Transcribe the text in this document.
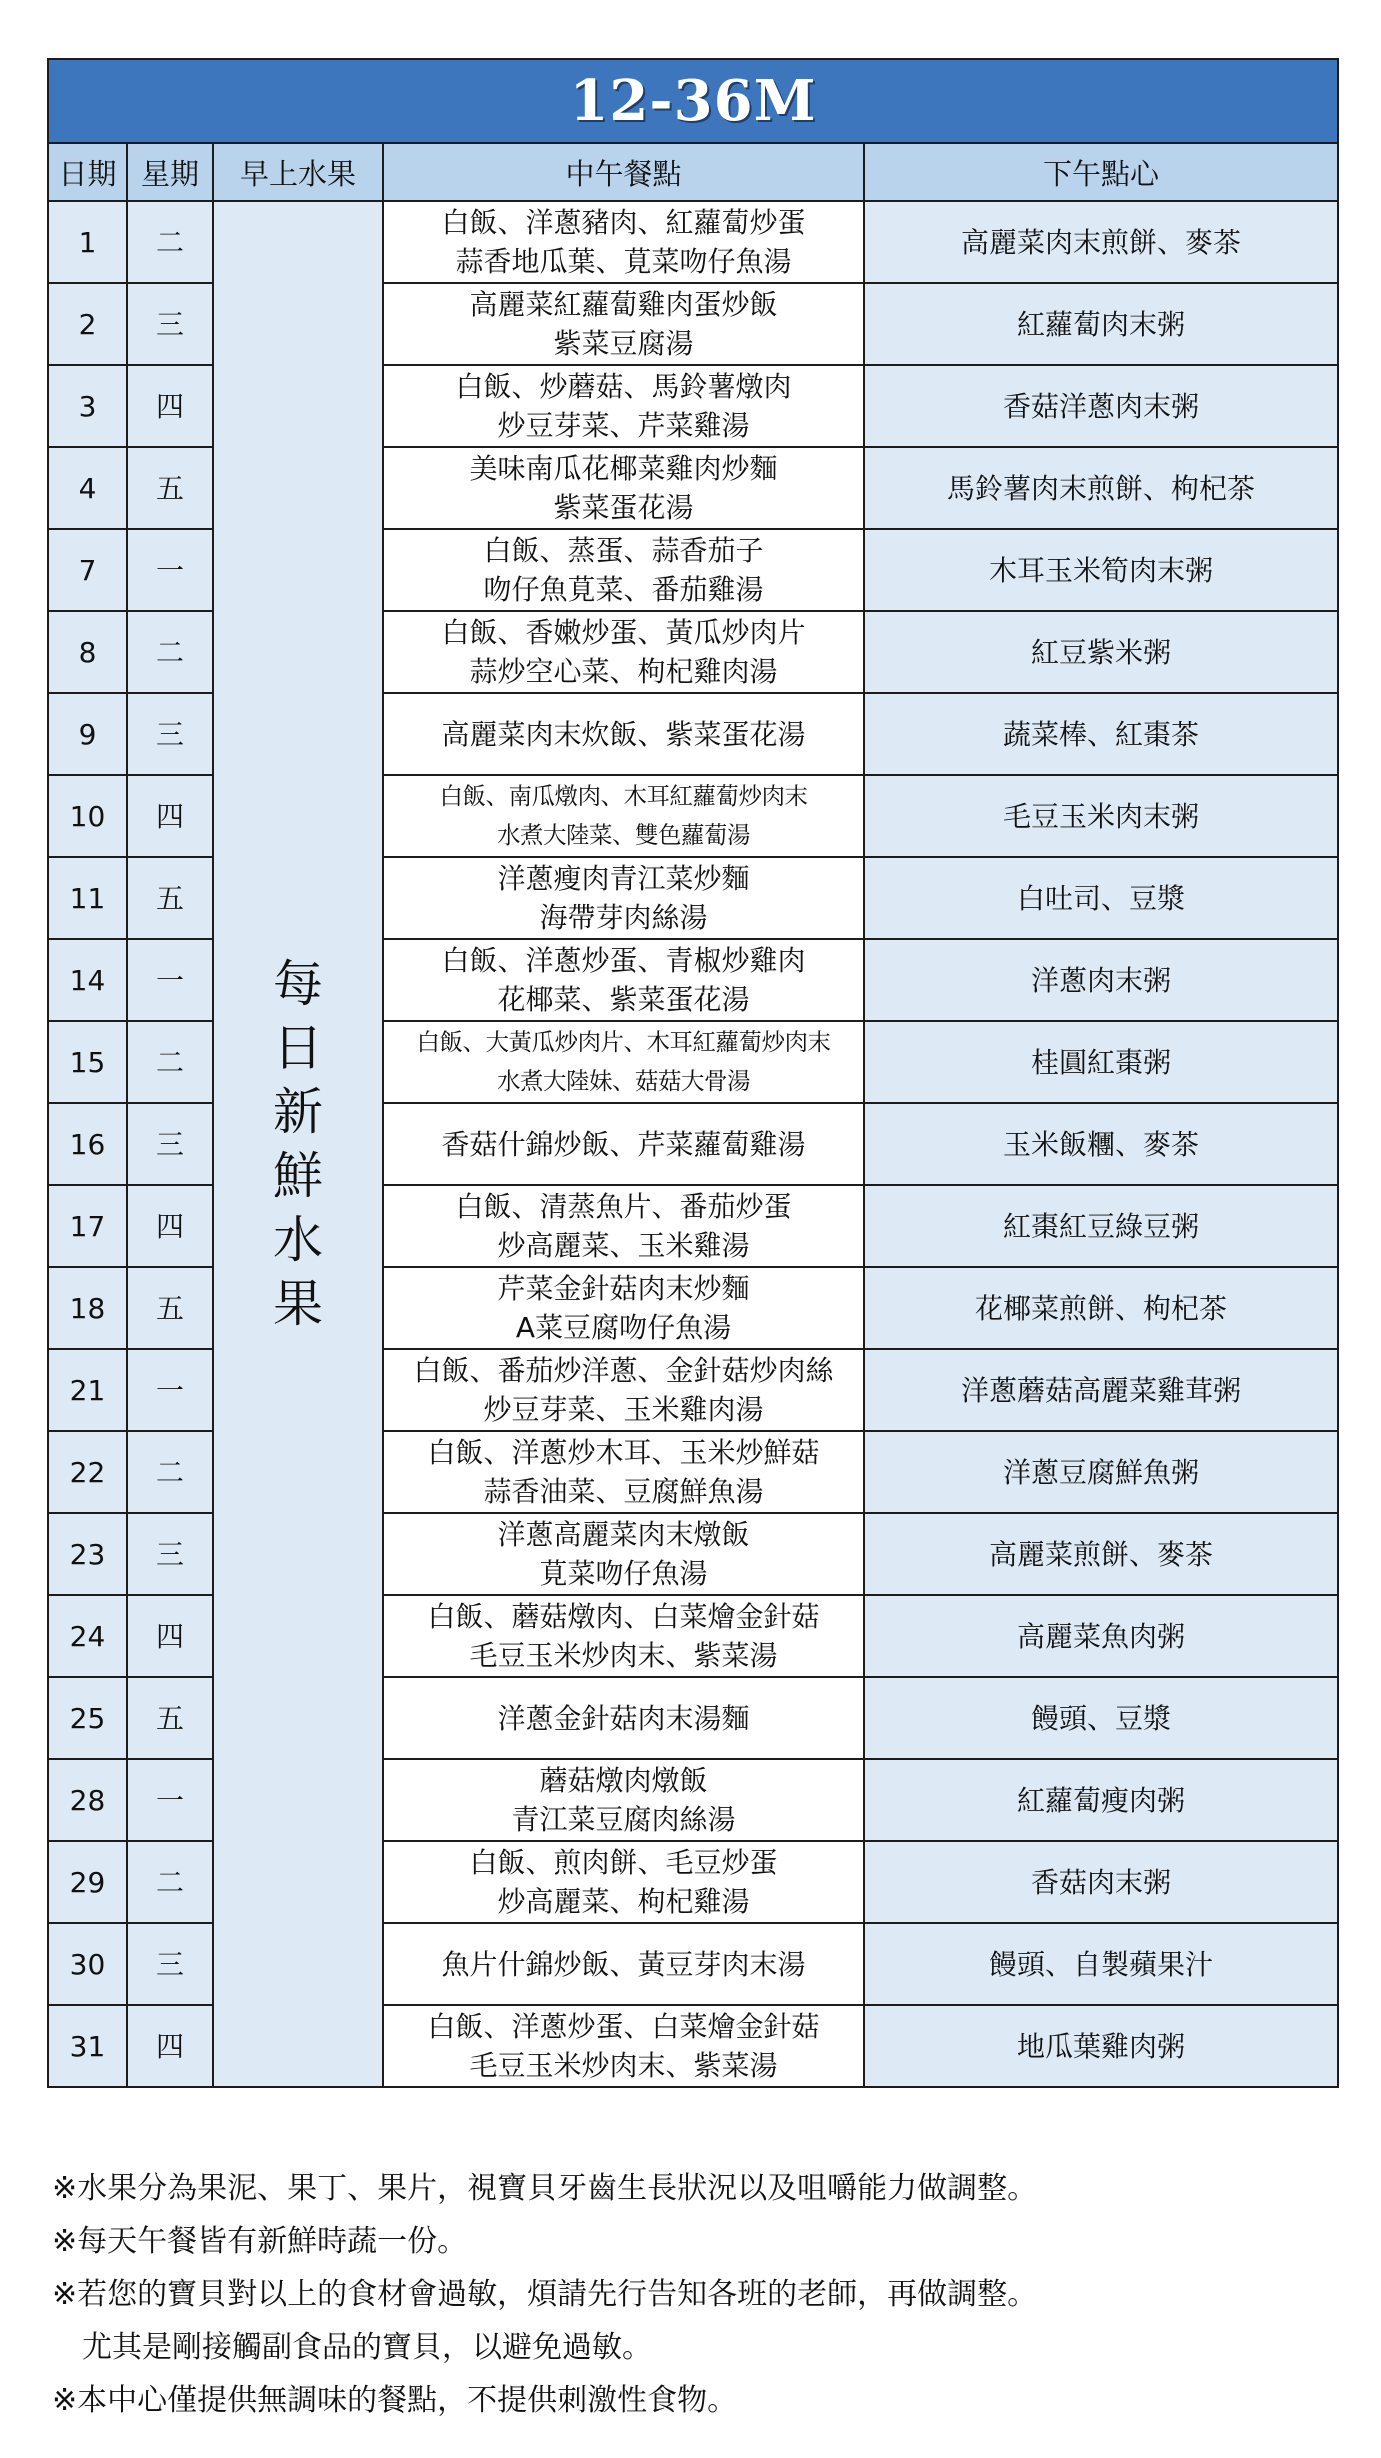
12-36M				
日期	星期	早上水果	中午餐點	下午點心
1	二	每日新鮮水果	白飯、洋蔥豬肉、紅蘿蔔炒蛋
蒜香地瓜葉、莧菜吻仔魚湯	高麗菜肉末煎餅、麥茶
2	三		高麗菜紅蘿蔔雞肉蛋炒飯
紫菜豆腐湯	紅蘿蔔肉末粥
3	四		白飯、炒蘑菇、馬鈴薯燉肉
炒豆芽菜、芹菜雞湯	香菇洋蔥肉末粥
4	五		美味南瓜花椰菜雞肉炒麵
紫菜蛋花湯	馬鈴薯肉末煎餅、枸杞茶
7	一		白飯、蒸蛋、蒜香茄子
吻仔魚莧菜、番茄雞湯	木耳玉米筍肉末粥
8	二		白飯、香嫩炒蛋、黃瓜炒肉片
蒜炒空心菜、枸杞雞肉湯	紅豆紫米粥
9	三		高麗菜肉末炊飯、紫菜蛋花湯	蔬菜棒、紅棗茶
10	四		白飯、南瓜燉肉、木耳紅蘿蔔炒肉末
水煮大陸菜、雙色蘿蔔湯	毛豆玉米肉末粥
11	五		洋蔥瘦肉青江菜炒麵
海帶芽肉絲湯	白吐司、豆漿
14	一		白飯、洋蔥炒蛋、青椒炒雞肉
花椰菜、紫菜蛋花湯	洋蔥肉末粥
15	二		白飯、大黃瓜炒肉片、木耳紅蘿蔔炒肉末
水煮大陸妹、菇菇大骨湯	桂圓紅棗粥
16	三		香菇什錦炒飯、芹菜蘿蔔雞湯	玉米飯糰、麥茶
17	四		白飯、清蒸魚片、番茄炒蛋
炒高麗菜、玉米雞湯	紅棗紅豆綠豆粥
18	五		芹菜金針菇肉末炒麵
A菜豆腐吻仔魚湯	花椰菜煎餅、枸杞茶
21	一		白飯、番茄炒洋蔥、金針菇炒肉絲
炒豆芽菜、玉米雞肉湯	洋蔥蘑菇高麗菜雞茸粥
22	二		白飯、洋蔥炒木耳、玉米炒鮮菇
蒜香油菜、豆腐鮮魚湯	洋蔥豆腐鮮魚粥
23	三		洋蔥高麗菜肉末燉飯
莧菜吻仔魚湯	高麗菜煎餅、麥茶
24	四		白飯、蘑菇燉肉、白菜燴金針菇
毛豆玉米炒肉末、紫菜湯	高麗菜魚肉粥
25	五		洋蔥金針菇肉末湯麵	饅頭、豆漿
28	一		蘑菇燉肉燉飯
青江菜豆腐肉絲湯	紅蘿蔔瘦肉粥
29	二		白飯、煎肉餅、毛豆炒蛋
炒高麗菜、枸杞雞湯	香菇肉末粥
30	三		魚片什錦炒飯、黃豆芽肉末湯	饅頭、自製蘋果汁
31	四		白飯、洋蔥炒蛋、白菜燴金針菇
毛豆玉米炒肉末、紫菜湯	地瓜葉雞肉粥
※水果分為果泥、果丁、果片，視寶貝牙齒生長狀況以及咀嚼能力做調整。
※每天午餐皆有新鮮時蔬一份。
※若您的寶貝對以上的食材會過敏，煩請先行告知各班的老師，再做調整。
尤其是剛接觸副食品的寶貝，以避免過敏。
※本中心僅提供無調味的餐點，不提供刺激性食物。
